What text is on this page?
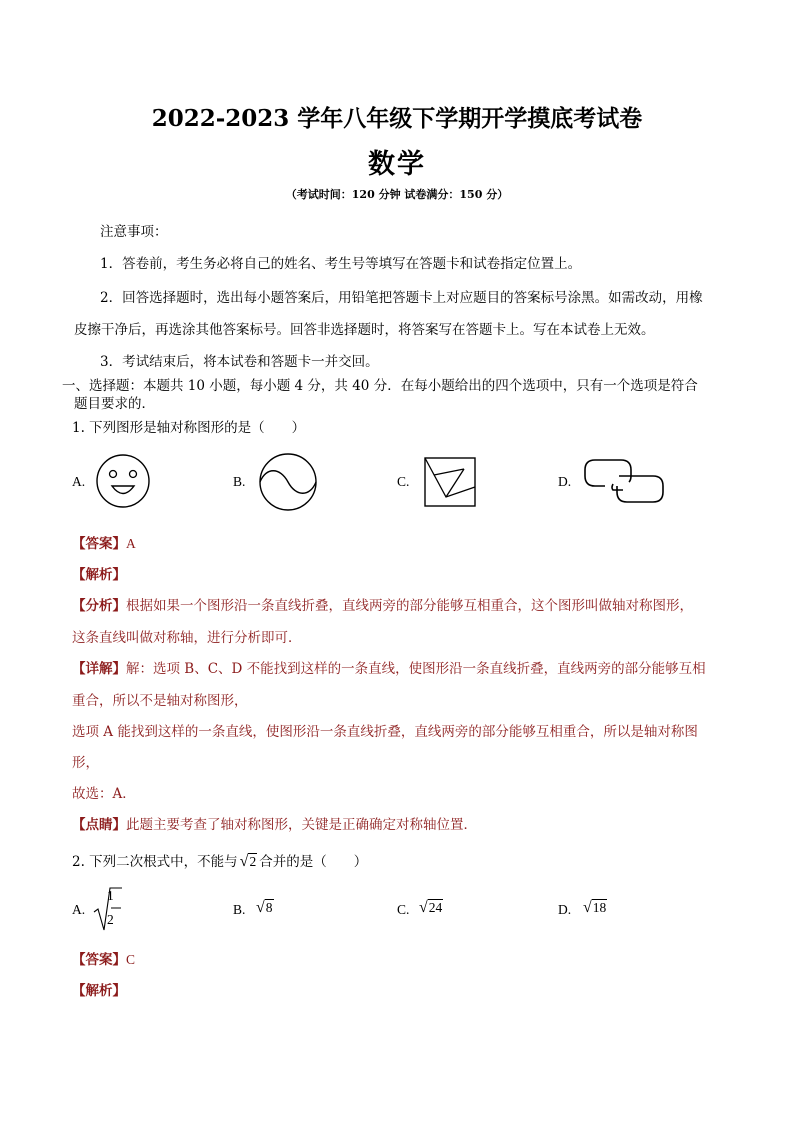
2022-2023 学年八年级下学期开学摸底考试卷
数学
（考试时间：120 分钟 试卷满分：150 分）
注意事项：
1．答卷前，考生务必将自己的姓名、考生号等填写在答题卡和试卷指定位置上。
2．回答选择题时，选出每小题答案后，用铅笔把答题卡上对应题目的答案标号涂黑。如需改动，用橡
皮擦干净后，再选涂其他答案标号。回答非选择题时，将答案写在答题卡上。写在本试卷上无效。
3．考试结束后，将本试卷和答题卡一并交回。
一、选择题：本题共 10 小题，每小题 4 分，共 40 分．在每小题给出的四个选项中，只有一个选项是符合
题目要求的．
1. 下列图形是轴对称图形的是（　　）
A.	B.	C.	D.
【答案】A
【解析】
【分析】根据如果一个图形沿一条直线折叠，直线两旁的部分能够互相重合，这个图形叫做轴对称图形，
这条直线叫做对称轴，进行分析即可．
【详解】解：选项 B、C、D 不能找到这样的一条直线，使图形沿一条直线折叠，直线两旁的部分能够互相
重合，所以不是轴对称图形，
选项 A 能找到这样的一条直线，使图形沿一条直线折叠，直线两旁的部分能够互相重合，所以是轴对称图
形，
故选：A．
【点睛】此题主要考查了轴对称图形，关键是正确确定对称轴位置．
2. 下列二次根式中，不能与 √2 合并的是（　　）
A.
1
2
B. √8	C. √24	D. √18
【答案】C
【解析】
